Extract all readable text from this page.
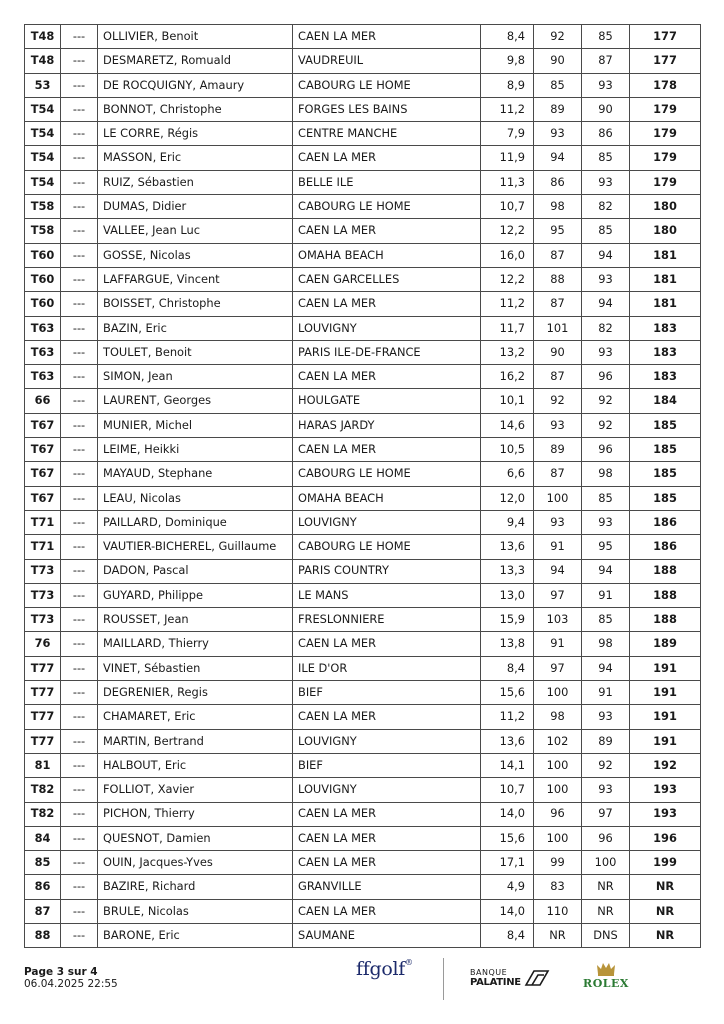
T48	---	OLLIVIER, Benoit	CAEN LA MER	8,4	92	85	177
T48	---	DESMARETZ, Romuald	VAUDREUIL	9,8	90	87	177
53	---	DE ROCQUIGNY, Amaury	CABOURG LE HOME	8,9	85	93	178
T54	---	BONNOT, Christophe	FORGES LES BAINS	11,2	89	90	179
T54	---	LE CORRE, Régis	CENTRE MANCHE	7,9	93	86	179
T54	---	MASSON, Eric	CAEN LA MER	11,9	94	85	179
T54	---	RUIZ, Sébastien	BELLE ILE	11,3	86	93	179
T58	---	DUMAS, Didier	CABOURG LE HOME	10,7	98	82	180
T58	---	VALLEE, Jean Luc	CAEN LA MER	12,2	95	85	180
T60	---	GOSSE, Nicolas	OMAHA BEACH	16,0	87	94	181
T60	---	LAFFARGUE, Vincent	CAEN GARCELLES	12,2	88	93	181
T60	---	BOISSET, Christophe	CAEN LA MER	11,2	87	94	181
T63	---	BAZIN, Eric	LOUVIGNY	11,7	101	82	183
T63	---	TOULET, Benoit	PARIS ILE-DE-FRANCE	13,2	90	93	183
T63	---	SIMON, Jean	CAEN LA MER	16,2	87	96	183
66	---	LAURENT, Georges	HOULGATE	10,1	92	92	184
T67	---	MUNIER, Michel	HARAS JARDY	14,6	93	92	185
T67	---	LEIME, Heikki	CAEN LA MER	10,5	89	96	185
T67	---	MAYAUD, Stephane	CABOURG LE HOME	6,6	87	98	185
T67	---	LEAU, Nicolas	OMAHA BEACH	12,0	100	85	185
T71	---	PAILLARD, Dominique	LOUVIGNY	9,4	93	93	186
T71	---	VAUTIER-BICHEREL, Guillaume	CABOURG LE HOME	13,6	91	95	186
T73	---	DADON, Pascal	PARIS COUNTRY	13,3	94	94	188
T73	---	GUYARD, Philippe	LE MANS	13,0	97	91	188
T73	---	ROUSSET, Jean	FRESLONNIERE	15,9	103	85	188
76	---	MAILLARD, Thierry	CAEN LA MER	13,8	91	98	189
T77	---	VINET, Sébastien	ILE D'OR	8,4	97	94	191
T77	---	DEGRENIER, Regis	BIEF	15,6	100	91	191
T77	---	CHAMARET, Eric	CAEN LA MER	11,2	98	93	191
T77	---	MARTIN, Bertrand	LOUVIGNY	13,6	102	89	191
81	---	HALBOUT, Eric	BIEF	14,1	100	92	192
T82	---	FOLLIOT, Xavier	LOUVIGNY	10,7	100	93	193
T82	---	PICHON, Thierry	CAEN LA MER	14,0	96	97	193
84	---	QUESNOT, Damien	CAEN LA MER	15,6	100	96	196
85	---	OUIN, Jacques-Yves	CAEN LA MER	17,1	99	100	199
86	---	BAZIRE, Richard	GRANVILLE	4,9	83	NR	NR
87	---	BRULE, Nicolas	CAEN LA MER	14,0	110	NR	NR
88	---	BARONE, Eric	SAUMANE	8,4	NR	DNS	NR
Page 3 sur 4
06.04.2025 22:55
ffgolf®
BANQUE
PALATINE	ROLEX
